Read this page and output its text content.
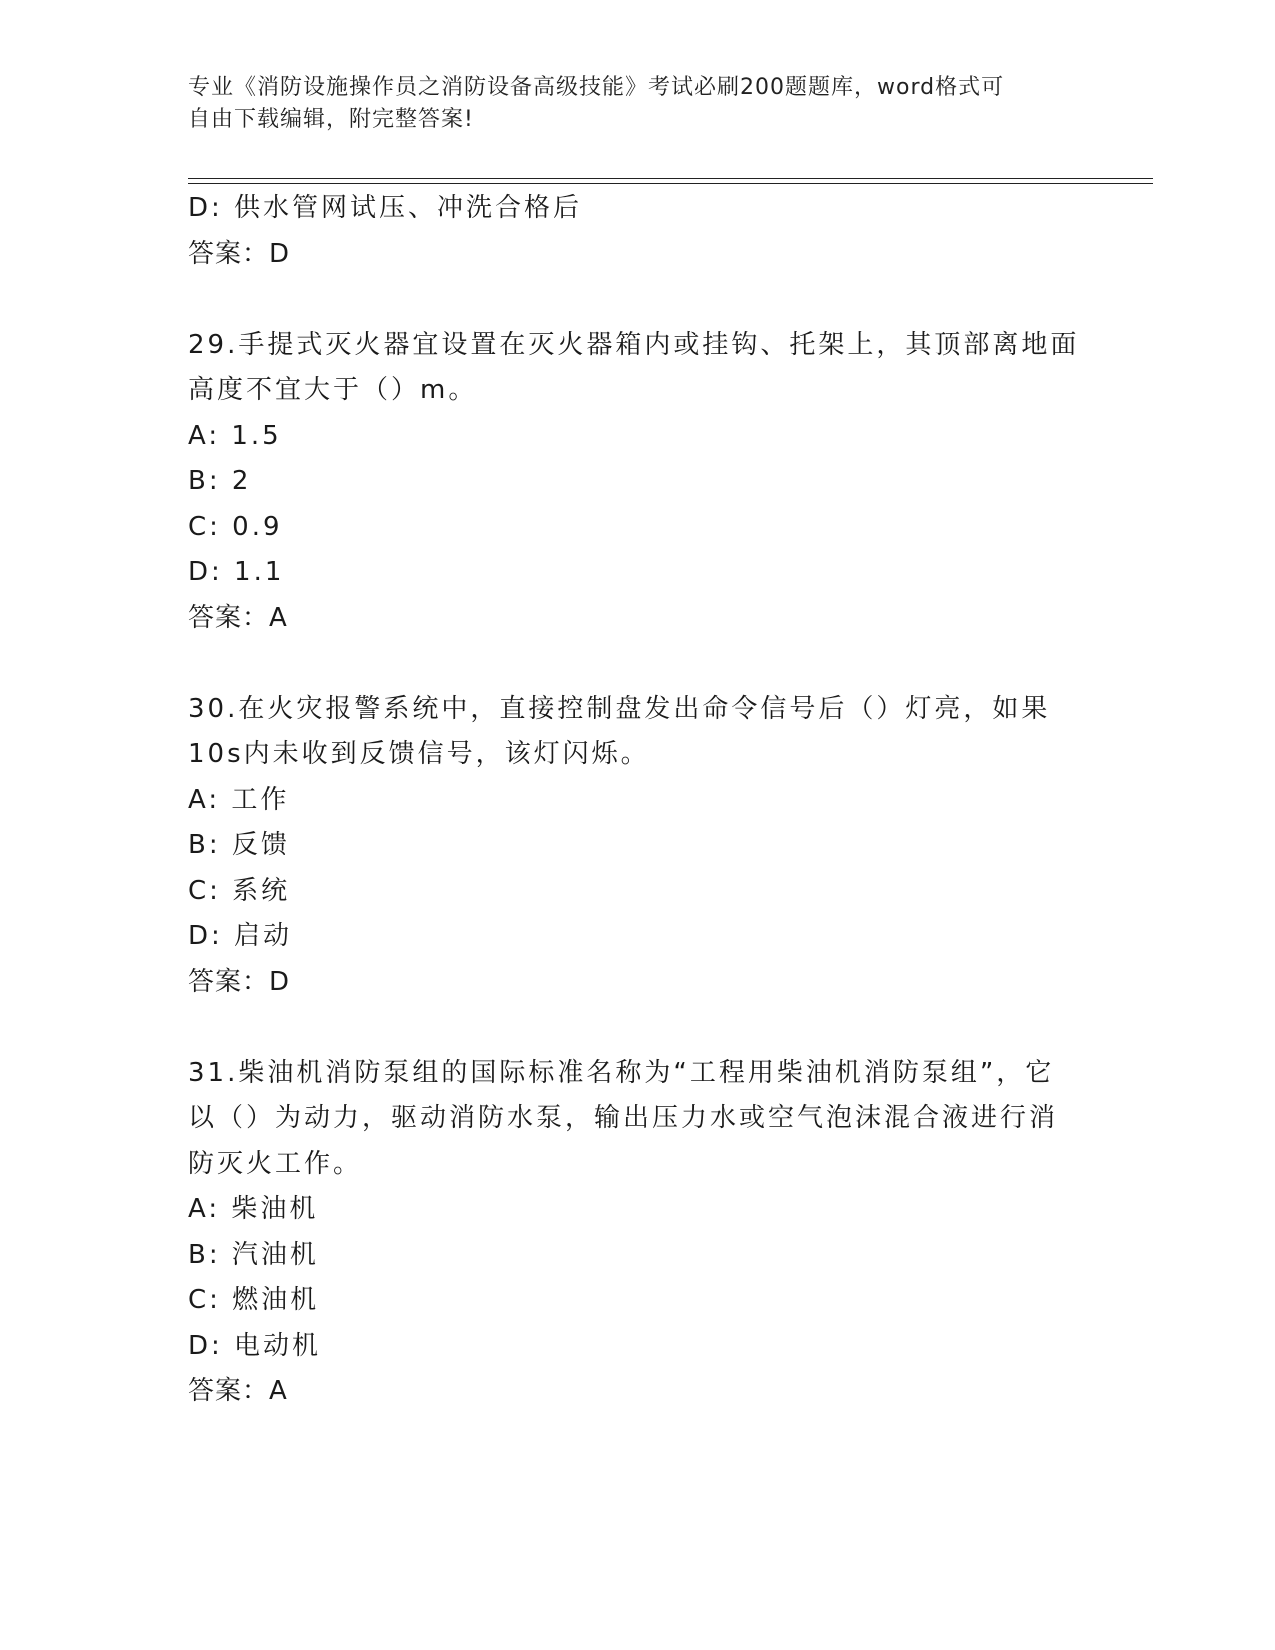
专业《消防设施操作员之消防设备高级技能》考试必刷200题题库，word格式可
自由下载编辑，附完整答案!

D: 供水管网试压、冲洗合格后

答案：D

29.手提式灭火器宜设置在灭火器箱内或挂钩、托架上，其顶部离地面

高度不宜大于（）m。

A: 1.5

B: 2

C: 0.9

D: 1.1

答案：A

30.在火灾报警系统中，直接控制盘发出命令信号后（）灯亮，如果

10s内未收到反馈信号，该灯闪烁。

A: 工作

B: 反馈

C: 系统

D: 启动

答案：D

31.柴油机消防泵组的国际标准名称为“工程用柴油机消防泵组”，它

以（）为动力，驱动消防水泵，输出压力水或空气泡沫混合液进行消

防灭火工作。

A: 柴油机

B: 汽油机

C: 燃油机

D: 电动机

答案：A
